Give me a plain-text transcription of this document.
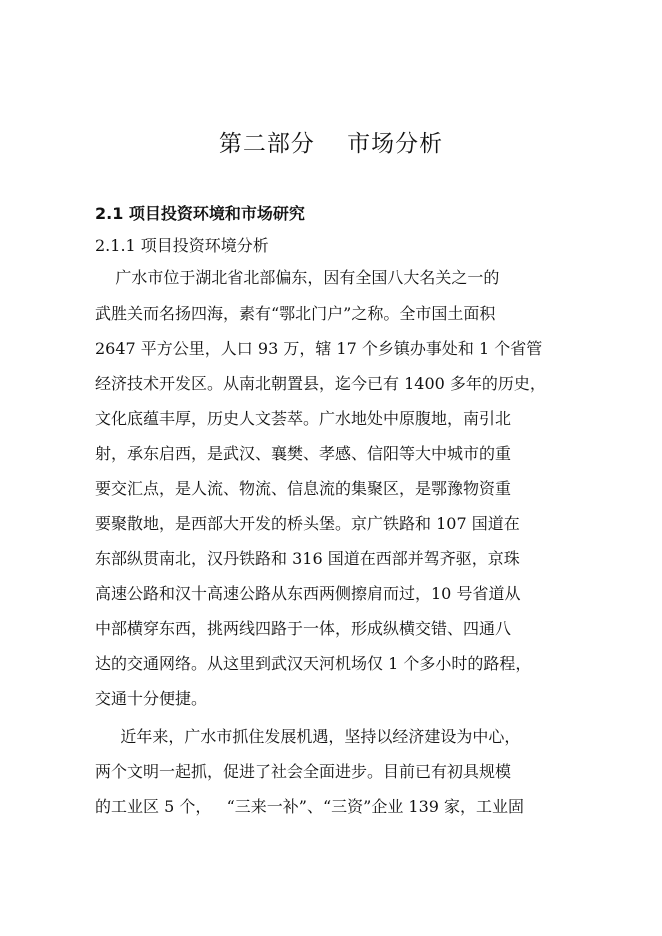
第二部分　 市场分析
2.1 项目投资环境和市场研究
2.1.1 项目投资环境分析
广水市位于湖北省北部偏东，因有全国八大名关之一的
武胜关而名扬四海，素有“鄂北门户”之称。全市国土面积
2647 平方公里，人口 93 万，辖 17 个乡镇办事处和 1 个省管
经济技术开发区。从南北朝置县，迄今已有 1400 多年的历史，
文化底蕴丰厚，历史人文荟萃。广水地处中原腹地，南引北
射，承东启西，是武汉、襄樊、孝感、信阳等大中城市的重
要交汇点，是人流、物流、信息流的集聚区，是鄂豫物资重
要聚散地，是西部大开发的桥头堡。京广铁路和 107 国道在
东部纵贯南北，汉丹铁路和 316 国道在西部并驾齐驱，京珠
高速公路和汉十高速公路从东西两侧擦肩而过，10 号省道从
中部横穿东西，挑两线四路于一体，形成纵横交错、四通八
达的交通网络。从这里到武汉天河机场仅 1 个多小时的路程，
交通十分便捷。
近年来，广水市抓住发展机遇，坚持以经济建设为中心，
两个文明一起抓，促进了社会全面进步。目前已有初具规模
的工业区 5 个，   “三来一补”、“三资”企业 139 家，工业固
